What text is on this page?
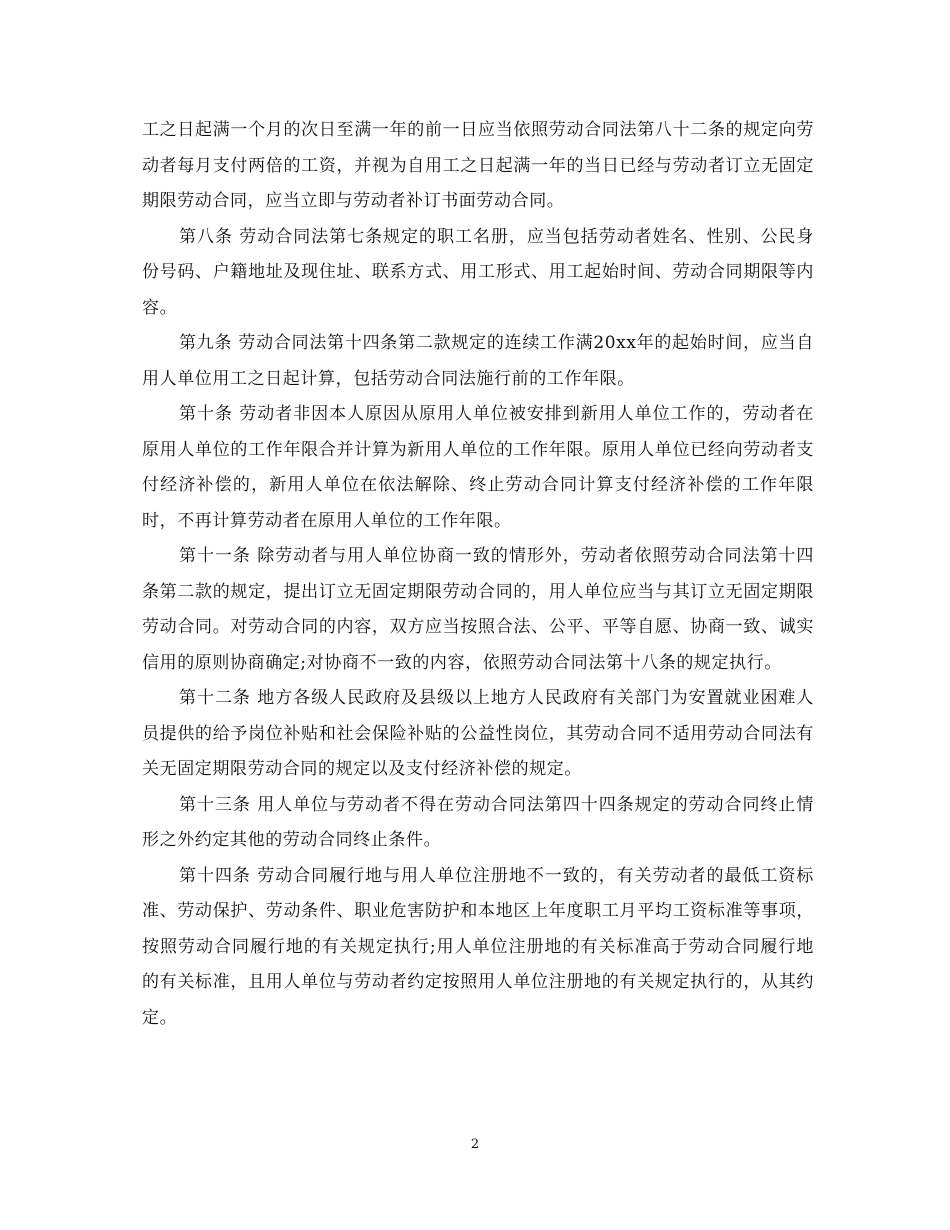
工之日起满一个月的次日至满一年的前一日应当依照劳动合同法第八十二条的规定向劳动者每月支付两倍的工资，并视为自用工之日起满一年的当日已经与劳动者订立无固定期限劳动合同，应当立即与劳动者补订书面劳动合同。

第八条 劳动合同法第七条规定的职工名册，应当包括劳动者姓名、性别、公民身份号码、户籍地址及现住址、联系方式、用工形式、用工起始时间、劳动合同期限等内容。

第九条 劳动合同法第十四条第二款规定的连续工作满20xx年的起始时间，应当自用人单位用工之日起计算，包括劳动合同法施行前的工作年限。

第十条 劳动者非因本人原因从原用人单位被安排到新用人单位工作的，劳动者在原用人单位的工作年限合并计算为新用人单位的工作年限。原用人单位已经向劳动者支付经济补偿的，新用人单位在依法解除、终止劳动合同计算支付经济补偿的工作年限时，不再计算劳动者在原用人单位的工作年限。

第十一条 除劳动者与用人单位协商一致的情形外，劳动者依照劳动合同法第十四条第二款的规定，提出订立无固定期限劳动合同的，用人单位应当与其订立无固定期限劳动合同。对劳动合同的内容，双方应当按照合法、公平、平等自愿、协商一致、诚实信用的原则协商确定;对协商不一致的内容，依照劳动合同法第十八条的规定执行。

第十二条 地方各级人民政府及县级以上地方人民政府有关部门为安置就业困难人员提供的给予岗位补贴和社会保险补贴的公益性岗位，其劳动合同不适用劳动合同法有关无固定期限劳动合同的规定以及支付经济补偿的规定。

第十三条 用人单位与劳动者不得在劳动合同法第四十四条规定的劳动合同终止情形之外约定其他的劳动合同终止条件。

第十四条 劳动合同履行地与用人单位注册地不一致的，有关劳动者的最低工资标准、劳动保护、劳动条件、职业危害防护和本地区上年度职工月平均工资标准等事项，按照劳动合同履行地的有关规定执行;用人单位注册地的有关标准高于劳动合同履行地的有关标准，且用人单位与劳动者约定按照用人单位注册地的有关规定执行的，从其约定。

2
